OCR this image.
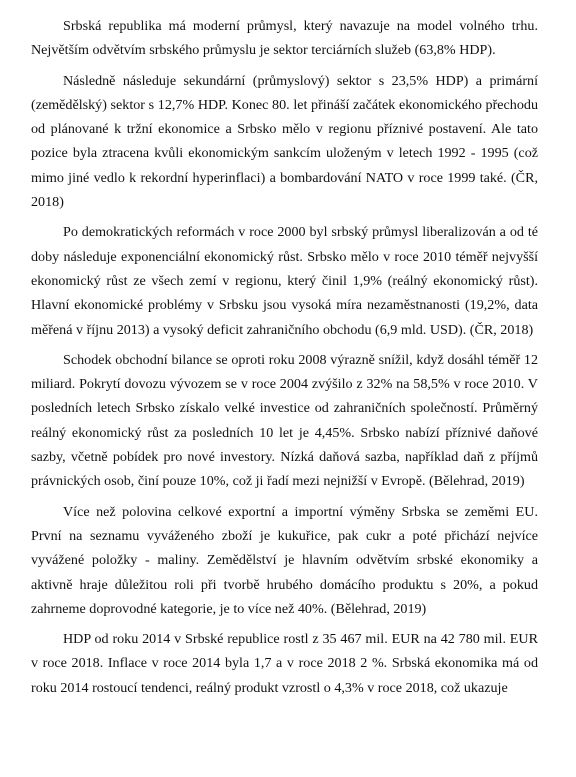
Srbská republika má moderní průmysl, který navazuje na model volného trhu. Největším odvětvím srbského průmyslu je sektor terciárních služeb (63,8% HDP).

Následně následuje sekundární (průmyslový) sektor s 23,5% HDP) a primární (zemědělský) sektor s 12,7% HDP. Konec 80. let přináší začátek ekonomického přechodu od plánované k tržní ekonomice a Srbsko mělo v regionu příznivé postavení. Ale tato pozice byla ztracena kvůli ekonomickým sankcím uloženým v letech 1992 - 1995 (což mimo jiné vedlo k rekordní hyperinflaci) a bombardování NATO v roce 1999 také. (ČR, 2018)

Po demokratických reformách v roce 2000 byl srbský průmysl liberalizován a od té doby následuje exponenciální ekonomický růst. Srbsko mělo v roce 2010 téměř nejvyšší ekonomický růst ze všech zemí v regionu, který činil 1,9% (reálný ekonomický růst). Hlavní ekonomické problémy v Srbsku jsou vysoká míra nezaměstnanosti (19,2%, data měřená v říjnu 2013) a vysoký deficit zahraničního obchodu (6,9 mld. USD). (ČR, 2018)

Schodek obchodní bilance se oproti roku 2008 výrazně snížil, když dosáhl téměř 12 miliard. Pokrytí dovozu vývozem se v roce 2004 zvýšilo z 32% na 58,5% v roce 2010. V posledních letech Srbsko získalo velké investice od zahraničních společností. Průměrný reálný ekonomický růst za posledních 10 let je 4,45%. Srbsko nabízí příznivé daňové sazby, včetně pobídek pro nové investory. Nízká daňová sazba, například daň z příjmů právnických osob, činí pouze 10%, což ji řadí mezi nejnižší v Evropě. (Bělehrad, 2019)

Více než polovina celkové exportní a importní výměny Srbska se zeměmi EU. První na seznamu vyváženého zboží je kukuřice, pak cukr a poté přichází nejvíce vyvážené položky - maliny. Zemědělství je hlavním odvětvím srbské ekonomiky a aktivně hraje důležitou roli při tvorbě hrubého domácího produktu s 20%, a pokud zahrneme doprovodné kategorie, je to více než 40%. (Bělehrad, 2019)

HDP od roku 2014 v Srbské republice rostl z 35 467 mil. EUR na 42 780 mil. EUR v roce 2018. Inflace v roce 2014 byla 1,7 a v roce 2018 2 %. Srbská ekonomika má od roku 2014 rostoucí tendenci, reálný produkt vzrostl o 4,3% v roce 2018, což ukazuje
